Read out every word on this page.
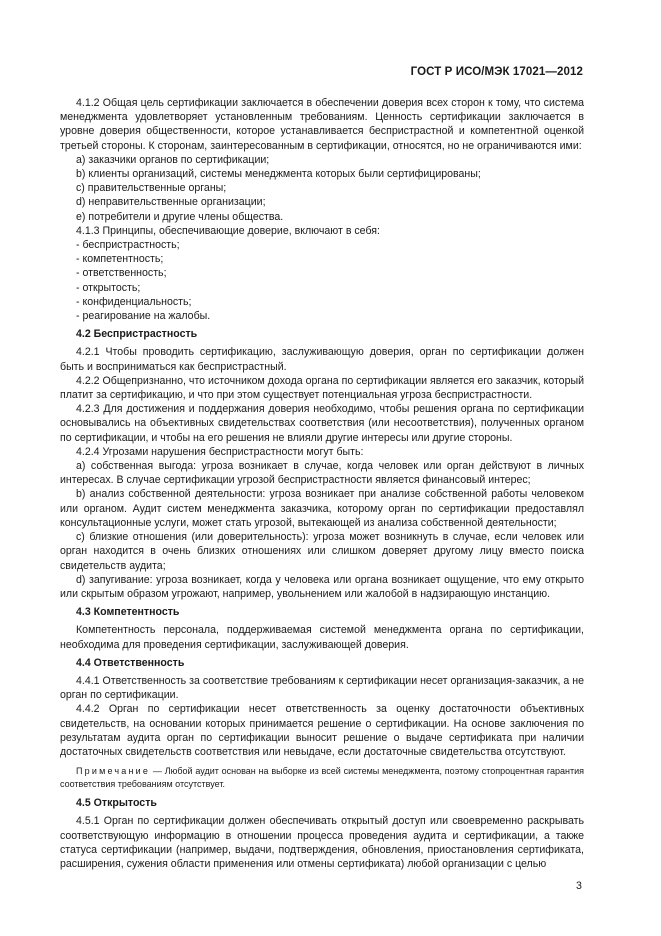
ГОСТ Р ИСО/МЭК 17021—2012

4.1.2 Общая цель сертификации заключается в обеспечении доверия всех сторон к тому, что система менеджмента удовлетворяет установленным требованиям. Ценность сертификации заключается в уровне доверия общественности, которое устанавливается беспристрастной и компетентной оценкой третьей стороны. К сторонам, заинтересованным в сертификации, относятся, но не ограничиваются ими:

a) заказчики органов по сертификации;

b) клиенты организаций, системы менеджмента которых были сертифицированы;

c) правительственные органы;

d) неправительственные организации;

e) потребители и другие члены общества.

4.1.3 Принципы, обеспечивающие доверие, включают в себя:

- беспристрастность;

- компетентность;

- ответственность;

- открытость;

- конфиденциальность;

- реагирование на жалобы.

4.2 Беспристрастность

4.2.1 Чтобы проводить сертификацию, заслуживающую доверия, орган по сертификации должен быть и восприниматься как беспристрастный.

4.2.2 Общепризнанно, что источником дохода органа по сертификации является его заказчик, который платит за сертификацию, и что при этом существует потенциальная угроза беспристрастности.

4.2.3 Для достижения и поддержания доверия необходимо, чтобы решения органа по сертификации основывались на объективных свидетельствах соответствия (или несоответствия), полученных органом по сертификации, и чтобы на его решения не влияли другие интересы или другие стороны.

4.2.4 Угрозами нарушения беспристрастности могут быть:

a) собственная выгода: угроза возникает в случае, когда человек или орган действуют в личных интересах. В случае сертификации угрозой беспристрастности является финансовый интерес;

b) анализ собственной деятельности: угроза возникает при анализе собственной работы человеком или органом. Аудит систем менеджмента заказчика, которому орган по сертификации предоставлял консультационные услуги, может стать угрозой, вытекающей из анализа собственной деятельности;

c) близкие отношения (или доверительность): угроза может возникнуть в случае, если человек или орган находится в очень близких отношениях или слишком доверяет другому лицу вместо поиска свидетельств аудита;

d) запугивание: угроза возникает, когда у человека или органа возникает ощущение, что ему открыто или скрытым образом угрожают, например, увольнением или жалобой в надзирающую инстанцию.

4.3 Компетентность

Компетентность персонала, поддерживаемая системой менеджмента органа по сертификации, необходима для проведения сертификации, заслуживающей доверия.

4.4 Ответственность

4.4.1 Ответственность за соответствие требованиям к сертификации несет организация-заказчик, а не орган по сертификации.

4.4.2 Орган по сертификации несет ответственность за оценку достаточности объективных свидетельств, на основании которых принимается решение о сертификации. На основе заключения по результатам аудита орган по сертификации выносит решение о выдаче сертификата при наличии достаточных свидетельств соответствия или невыдаче, если достаточные свидетельства отсутствуют.

Примечание — Любой аудит основан на выборке из всей системы менеджмента, поэтому стопроцентная гарантия соответствия требованиям отсутствует.

4.5 Открытость

4.5.1 Орган по сертификации должен обеспечивать открытый доступ или своевременно раскрывать соответствующую информацию в отношении процесса проведения аудита и сертификации, а также статуса сертификации (например, выдачи, подтверждения, обновления, приостановления сертификата, расширения, сужения области применения или отмены сертификата) любой организации с целью

3
